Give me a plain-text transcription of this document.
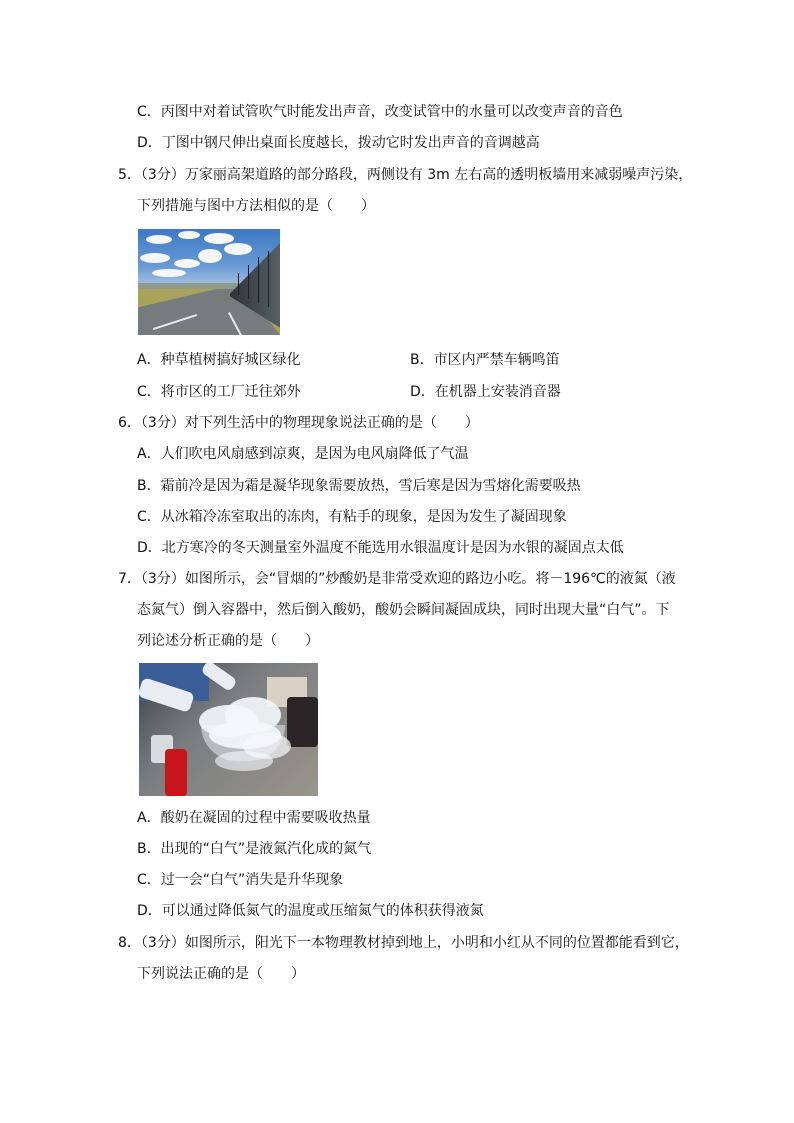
C．丙图中对着试管吹气时能发出声音，改变试管中的水量可以改变声音的音色
D．丁图中钢尺伸出桌面长度越长，拨动它时发出声音的音调越高
5．（3分）万家丽高架道路的部分路段，两侧设有 3m 左右高的透明板墙用来减弱噪声污染，
下列措施与图中方法相似的是（　　）
A．种草植树搞好城区绿化	B．市区内严禁车辆鸣笛
C．将市区的工厂迁往郊外	D．在机器上安装消音器
6．（3分）对下列生活中的物理现象说法正确的是（　　）
A．人们吹电风扇感到凉爽，是因为电风扇降低了气温
B．霜前冷是因为霜是凝华现象需要放热，雪后寒是因为雪熔化需要吸热
C．从冰箱冷冻室取出的冻肉，有粘手的现象，是因为发生了凝固现象
D．北方寒冷的冬天测量室外温度不能选用水银温度计是因为水银的凝固点太低
7．（3分）如图所示，会“冒烟的”炒酸奶是非常受欢迎的路边小吃。将－196℃的液氮（液
态氮气）倒入容器中，然后倒入酸奶，酸奶会瞬间凝固成块，同时出现大量“白气”。下
列论述分析正确的是（　　）
A．酸奶在凝固的过程中需要吸收热量
B．出现的“白气”是液氮汽化成的氮气
C．过一会“白气”消失是升华现象
D．可以通过降低氮气的温度或压缩氮气的体积获得液氮
8．（3分）如图所示，阳光下一本物理教材掉到地上，小明和小红从不同的位置都能看到它，
下列说法正确的是（　　）
